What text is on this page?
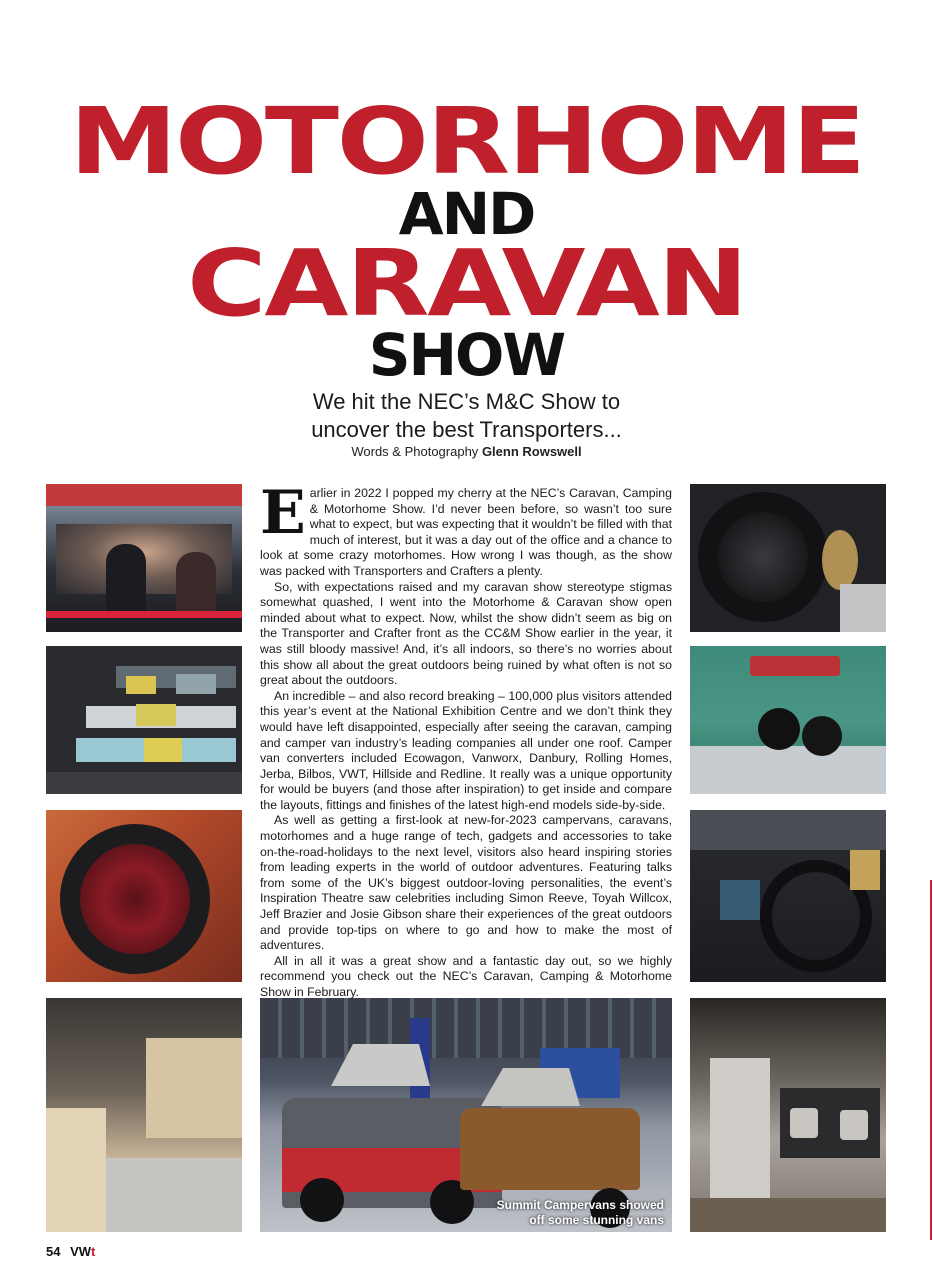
MOTORHOME
AND
CARAVAN
SHOW
We hit the NEC’s M&C Show to
uncover the best Transporters...
Words & Photography Glenn Rowswell
Summit Campervans showed
off some stunning vans

Earlier in 2022 I popped my cherry at the NEC’s Caravan, Camping & Motorhome Show. I’d never been before, so wasn’t too sure what to expect, but was expecting that it wouldn’t be filled with that much of interest, but it was a day out of the office and a chance to look at some crazy motorhomes. How wrong I was though, as the show was packed with Transporters and Crafters a plenty.

So, with expectations raised and my caravan show stereotype stigmas somewhat quashed, I went into the Motorhome & Caravan show open minded about what to expect. Now, whilst the show didn’t seem as big on the Transporter and Crafter front as the CC&M Show earlier in the year, it was still bloody massive! And, it’s all indoors, so there’s no worries about this show all about the great outdoors being ruined by what often is not so great about the outdoors.

An incredible – and also record breaking – 100,000 plus visitors attended this year’s event at the National Exhibition Centre and we don’t think they would have left disappointed, especially after seeing the caravan, camping and camper van industry’s leading companies all under one roof. Camper van converters included Ecowagon, Vanworx, Danbury, Rolling Homes, Jerba, Bilbos, VWT, Hillside and Redline. It really was a unique opportunity for would be buyers (and those after inspiration) to get inside and compare the layouts, fittings and finishes of the latest high-end models side-by-side.

As well as getting a first-look at new-for-2023 campervans, caravans, motorhomes and a huge range of tech, gadgets and accessories to take on-the-road-holidays to the next level, visitors also heard inspiring stories from leading experts in the world of outdoor adventures. Featuring talks from some of the UK’s biggest outdoor-loving personalities, the event’s Inspiration Theatre saw celebrities including Simon Reeve, Toyah Willcox, Jeff Brazier and Josie Gibson share their experiences of the great outdoors and provide top-tips on where to go and how to make the most of adventures.

All in all it was a great show and a fantastic day out, so we highly recommend you check out the NEC’s Caravan, Camping & Motorhome Show in February.

54 VWt
